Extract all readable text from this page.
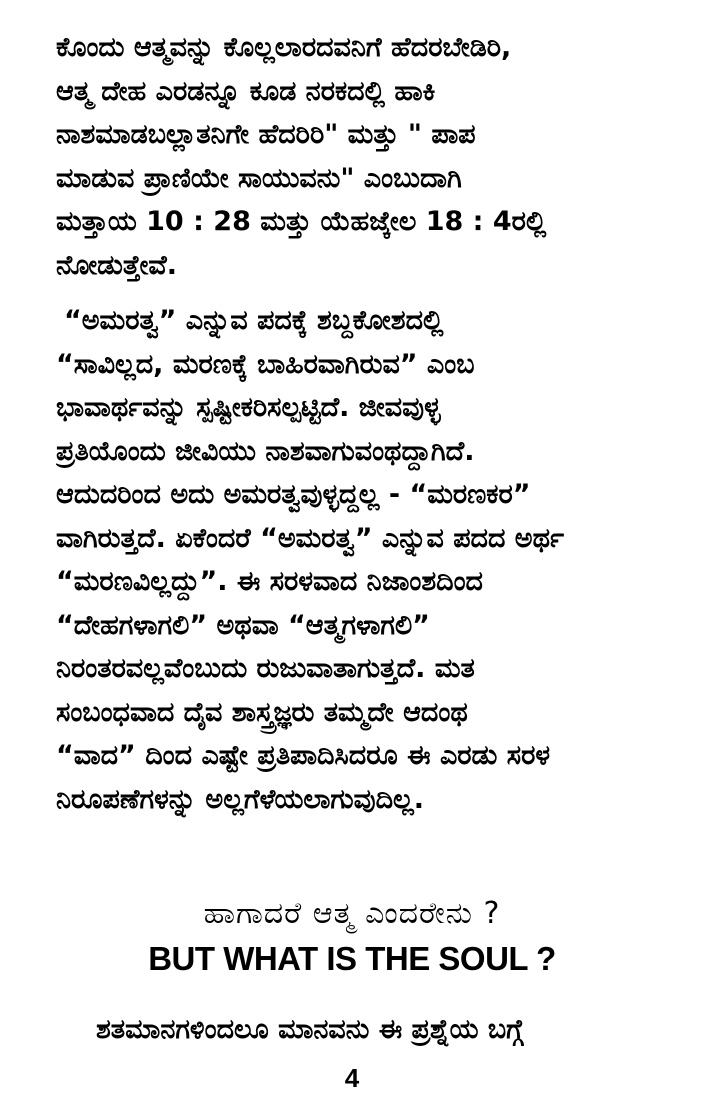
ಕೊಂದು ಆತ್ಮವನ್ನು ಕೊಲ್ಲಲಾರದವನಿಗೆ ಹೆದರಬೇಡಿರಿ,
ಆತ್ಮ ದೇಹ ಎರಡನ್ನೂ ಕೂಡ ನರಕದಲ್ಲಿ ಹಾಕಿ
ನಾಶಮಾಡಬಲ್ಲಾತನಿಗೇ ಹೆದರಿರಿ" ಮತ್ತು " ಪಾಪ
ಮಾಡುವ ಪ್ರಾಣಿಯೇ ಸಾಯುವನು" ಎಂಬುದಾಗಿ
ಮತ್ತಾಯ 10 : 28 ಮತ್ತು ಯೆಹಜ್ಕೇಲ 18 : 4ರಲ್ಲಿ
ನೋಡುತ್ತೇವೆ.
“ಅಮರತ್ವ” ಎನ್ನುವ ಪದಕ್ಕೆ ಶಬ್ದಕೋಶದಲ್ಲಿ
“ಸಾವಿಲ್ಲದ, ಮರಣಕ್ಕೆ ಬಾಹಿರವಾಗಿರುವ” ಎಂಬ
ಭಾವಾರ್ಥವನ್ನು ಸ್ಪಷ್ಟೀಕರಿಸಲ್ಪಟ್ಟಿದೆ. ಜೀವವುಳ್ಳ
ಪ್ರತಿಯೊಂದು ಜೀವಿಯು ನಾಶವಾಗುವಂಥದ್ದಾಗಿದೆ.
ಆದುದರಿಂದ ಅದು ಅಮರತ್ವವುಳ್ಳದ್ದಲ್ಲ - “ಮರಣಕರ”
ವಾಗಿರುತ್ತದೆ. ಏಕೆಂದರೆ “ಅಮರತ್ವ” ಎನ್ನುವ ಪದದ ಅರ್ಥ
“ಮರಣವಿಲ್ಲದ್ದು”. ಈ ಸರಳವಾದ ನಿಜಾಂಶದಿಂದ
“ದೇಹಗಳಾಗಲಿ” ಅಥವಾ “ಆತ್ಮಗಳಾಗಲಿ”
ನಿರಂತರವಲ್ಲವೆಂಬುದು ರುಜುವಾತಾಗುತ್ತದೆ. ಮತ
ಸಂಬಂಧವಾದ ದೈವ ಶಾಸ್ತ್ರಜ್ಞರು ತಮ್ಮದೇ ಆದಂಥ
“ವಾದ” ದಿಂದ ಎಷ್ಟೇ ಪ್ರತಿಪಾದಿಸಿದರೂ ಈ ಎರಡು ಸರಳ
ನಿರೂಪಣೆಗಳನ್ನು ಅಲ್ಲಗೆಳೆಯಲಾಗುವುದಿಲ್ಲ.
ಹಾಗಾದರೆ ಆತ್ಮ ಎಂದರೇನು ?
BUT WHAT IS THE SOUL ?
ಶತಮಾನಗಳಿಂದಲೂ ಮಾನವನು ಈ ಪ್ರಶ್ನೆಯ ಬಗ್ಗೆ
4
